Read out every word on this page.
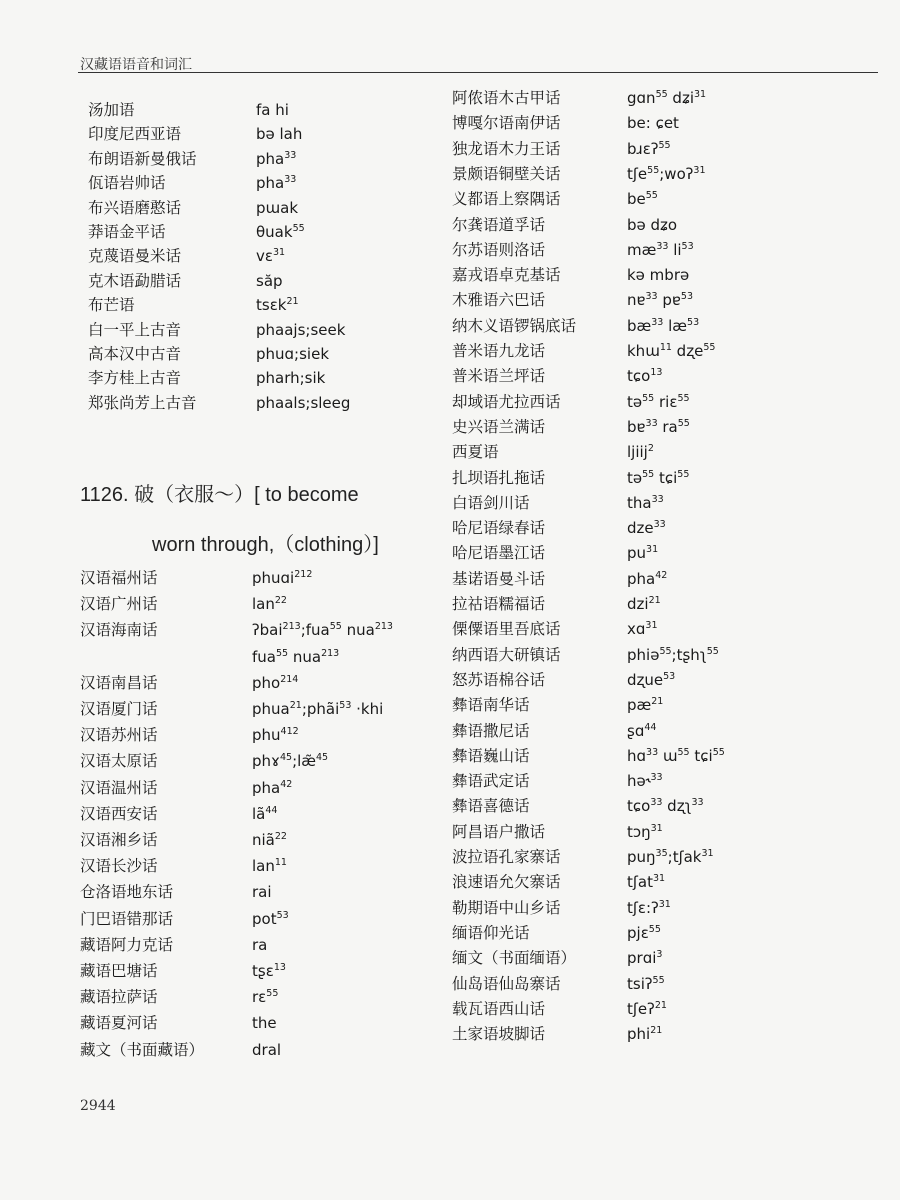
汉藏语语音和词汇
汤加语	fa hi
印度尼西亚语	bə lah
布朗语新曼俄话	pha$^{33}$
佤语岩帅话	pha$^{33}$
布兴语磨憨话	pɯak
莽语金平话	θuak$^{55}$
克蔑语曼米话	vɛ$^{31}$
克木语勐腊话	săp
布芒语	tsɛk$^{21}$
白一平上古音	phaajs;seek
高本汉中古音	phuɑ;siek
李方桂上古音	pharh;sik
郑张尚芳上古音	phaals;sleeg
1126. 破（衣服～）[ to become
worn through,（clothing）]
汉语福州话	phuɑi$^{212}$
汉语广州话	lan$^{22}$
汉语海南话	ʔbai$^{213}$;fua$^{55}$ nua$^{213}$
fua$^{55}$ nua$^{213}$
汉语南昌话	pho$^{214}$
汉语厦门话	phua$^{21}$;phãi$^{53}$ ·khi
汉语苏州话	phu$^{412}$
汉语太原话	phɤ$^{45}$;læ̃$^{45}$
汉语温州话	pha$^{42}$
汉语西安话	$lã^{44}$
汉语湘乡话	niã$^{22}$
汉语长沙话	lan$^{11}$
仓洛语地东话	rai
门巴语错那话	pot$^{53}$
藏语阿力克话	ra
藏语巴塘话	tʂɛ$^{13}$
藏语拉萨话	rɛ$^{55}$
藏语夏河话	the
藏文（书面藏语）	dral
阿侬语木古甲话	gɑn$^{55}$ dʑi$^{31}$
博嘎尔语南伊话	be: ɕet
独龙语木力王话	bɹɛʔ$^{55}$
景颇语铜壁关话	tʃe$^{55}$;woʔ$^{31}$
义都语上察隅话	$be^{55}$
尔龚语道孚话	bə dʑo
尔苏语则洛话	$mæ^{33}$ $li^{53}$
嘉戎语卓克基话	kə mbrə
木雅语六巴话	nɐ$^{33}$ pɐ$^{53}$
纳木义语锣锅底话	$bæ^{33}$ $læ^{53}$
普米语九龙话	khɯ$^{11}$ dʐe$^{55}$
普米语兰坪话	tɕo$^{13}$
却域语尤拉西话	tə$^{55}$ riɛ$^{55}$
史兴语兰满话	bɐ$^{33}$ $ra^{55}$
西夏语	ljiij$^2$
扎坝语扎拖话	tə$^{55}$ tɕi$^{55}$
白语剑川话	tha$^{33}$
哈尼语绿春话	dze$^{33}$
哈尼语墨江话	$pu^{31}$
基诺语曼斗话	pha$^{42}$
拉祜语糯福话	dzi$^{21}$
傈僳语里吾底话	xɑ$^{31}$
纳西语大研镇话	phiə$^{55}$;tʂhʅ$^{55}$
怒苏语棉谷话	dʐue$^{53}$
彝语南华话	$pæ^{21}$
彝语撒尼话	ʂɑ$^{44}$
彝语巍山话	hɑ$^{33}$ ɯ$^{55}$ tɕi$^{55}$
彝语武定话	hə˞$^{33}$
彝语喜德话	tɕo$^{33}$ dʐʅ$^{33}$
阿昌语户撒话	tɔŋ$^{31}$
波拉语孔家寨话	puŋ$^{35}$;tʃak$^{31}$
浪速语允欠寨话	tʃat$^{31}$
勒期语中山乡话	tʃɛ:ʔ$^{31}$
缅语仰光话	pjɛ$^{55}$
缅文（书面缅语）	prɑi$^3$
仙岛语仙岛寨话	tsiʔ$^{55}$
载瓦语西山话	tʃeʔ$^{21}$
土家语坡脚话	phi$^{21}$
2944
